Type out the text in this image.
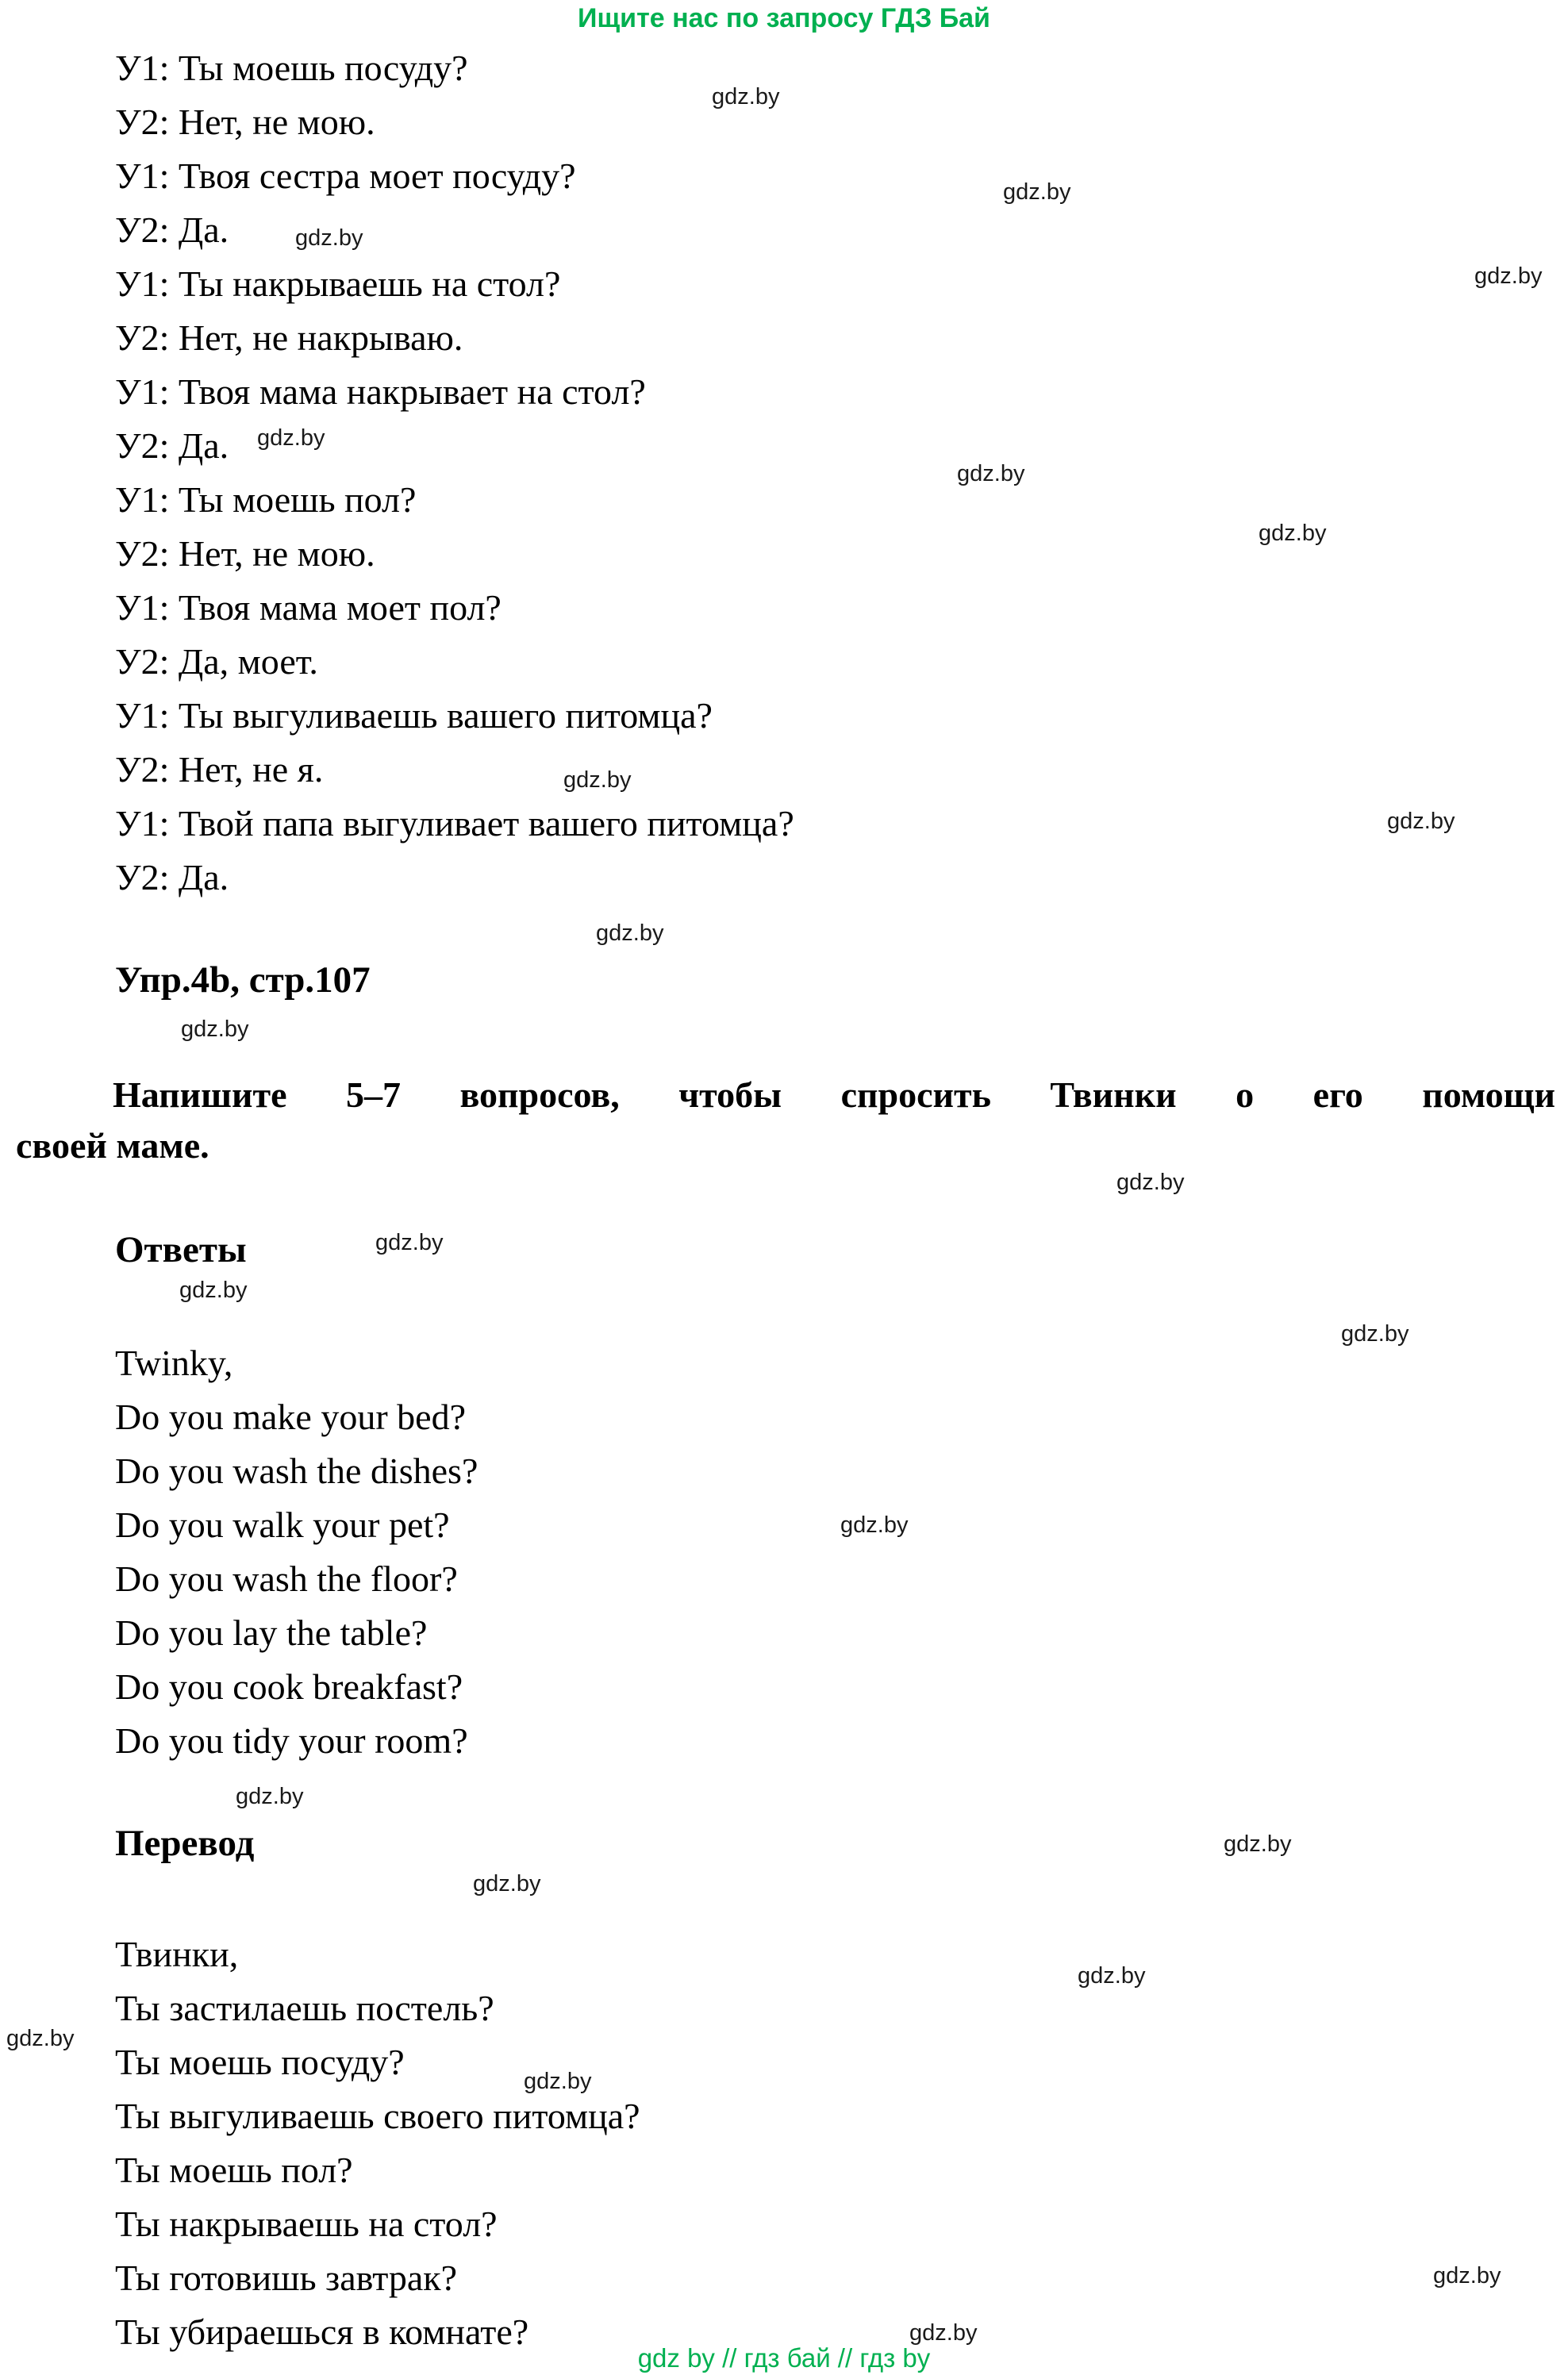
Ищите нас по запросу ГДЗ Бай

У1: Ты моешь посуду?

У2: Нет, не мою.

У1: Твоя сестра моет посуду?

У2: Да.

У1: Ты накрываешь на стол?

У2: Нет, не накрываю.

У1: Твоя мама накрывает на стол?

У2: Да.

У1: Ты моешь пол?

У2: Нет, не мою.

У1: Твоя мама моет пол?

У2: Да, моет.

У1: Ты выгуливаешь вашего питомца?

У2: Нет, не я.

У1: Твой папа выгуливает вашего питомца?

У2: Да.

Упр.4b, стр.107
Напишите 5–7 вопросов, чтобы спросить Твинки о его помощи
своей маме.
Ответы

Twinky,

Do you make your bed?

Do you wash the dishes?

Do you walk your pet?

Do you wash the floor?

Do you lay the table?

Do you cook breakfast?

Do you tidy your room?

Перевод

Твинки,

Ты застилаешь постель?

Ты моешь посуду?

Ты выгуливаешь своего питомца?

Ты моешь пол?

Ты накрываешь на стол?

Ты готовишь завтрак?

Ты убираешься в комнате?

gdz by // гдз бай // гдз by
gdz.by
gdz.by
gdz.by
gdz.by
gdz.by
gdz.by
gdz.by
gdz.by
gdz.by
gdz.by
gdz.by
gdz.by
gdz.by
gdz.by
gdz.by
gdz.by
gdz.by
gdz.by
gdz.by
gdz.by
gdz.by
gdz.by
gdz.by
gdz.by
